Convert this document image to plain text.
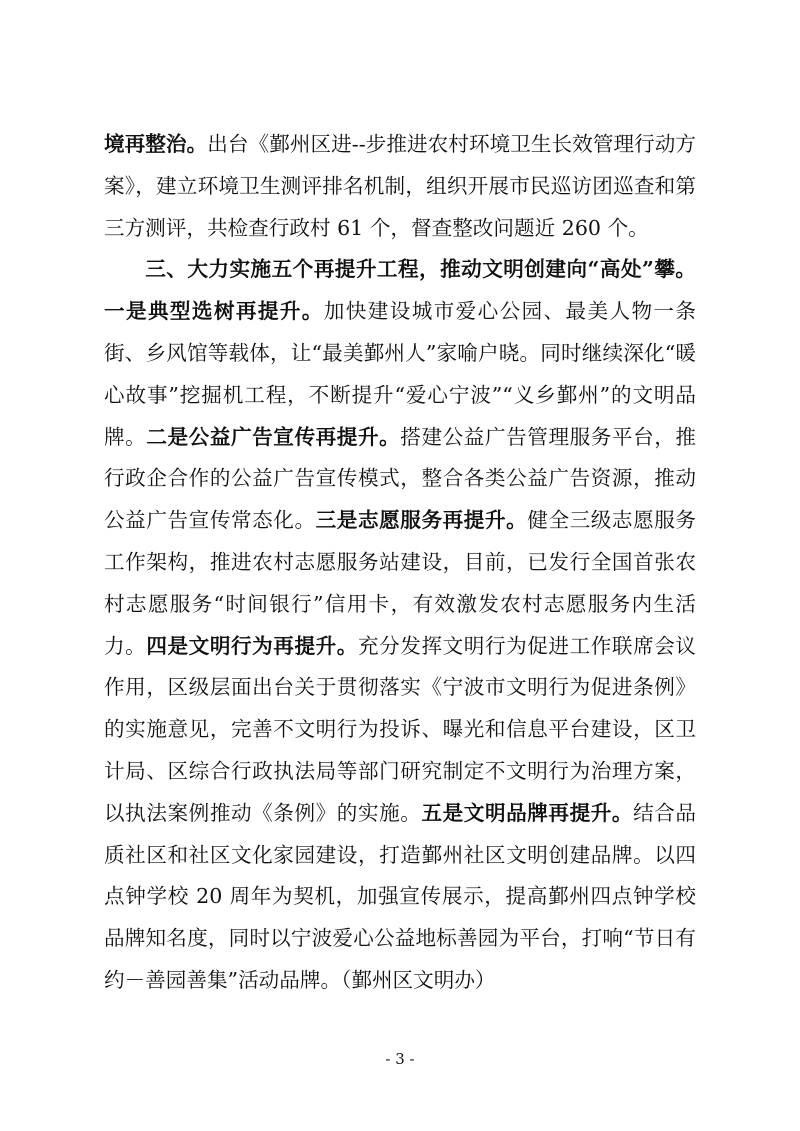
境再整治。出台《鄞州区进--步推进农村环境卫生长效管理行动方案》，建立环境卫生测评排名机制，组织开展市民巡访团巡查和第三方测评，共检查行政村 61 个，督查整改问题近 260 个。

三、大力实施五个再提升工程，推动文明创建向“高处”攀。一是典型选树再提升。加快建设城市爱心公园、最美人物一条街、乡风馆等载体，让“最美鄞州人”家喻户晓。同时继续深化“暖心故事”挖掘机工程，不断提升“爱心宁波”“义乡鄞州”的文明品牌。二是公益广告宣传再提升。搭建公益广告管理服务平台，推行政企合作的公益广告宣传模式，整合各类公益广告资源，推动公益广告宣传常态化。三是志愿服务再提升。健全三级志愿服务工作架构，推进农村志愿服务站建设，目前，已发行全国首张农村志愿服务“时间银行”信用卡，有效激发农村志愿服务内生活力。四是文明行为再提升。充分发挥文明行为促进工作联席会议作用，区级层面出台关于贯彻落实《宁波市文明行为促进条例》的实施意见，完善不文明行为投诉、曝光和信息平台建设，区卫计局、区综合行政执法局等部门研究制定不文明行为治理方案，以执法案例推动《条例》的实施。五是文明品牌再提升。结合品质社区和社区文化家园建设，打造鄞州社区文明创建品牌。以四点钟学校 20 周年为契机，加强宣传展示，提高鄞州四点钟学校品牌知名度，同时以宁波爱心公益地标善园为平台，打响“节日有约－善园善集”活动品牌。（鄞州区文明办）

- 3 -
